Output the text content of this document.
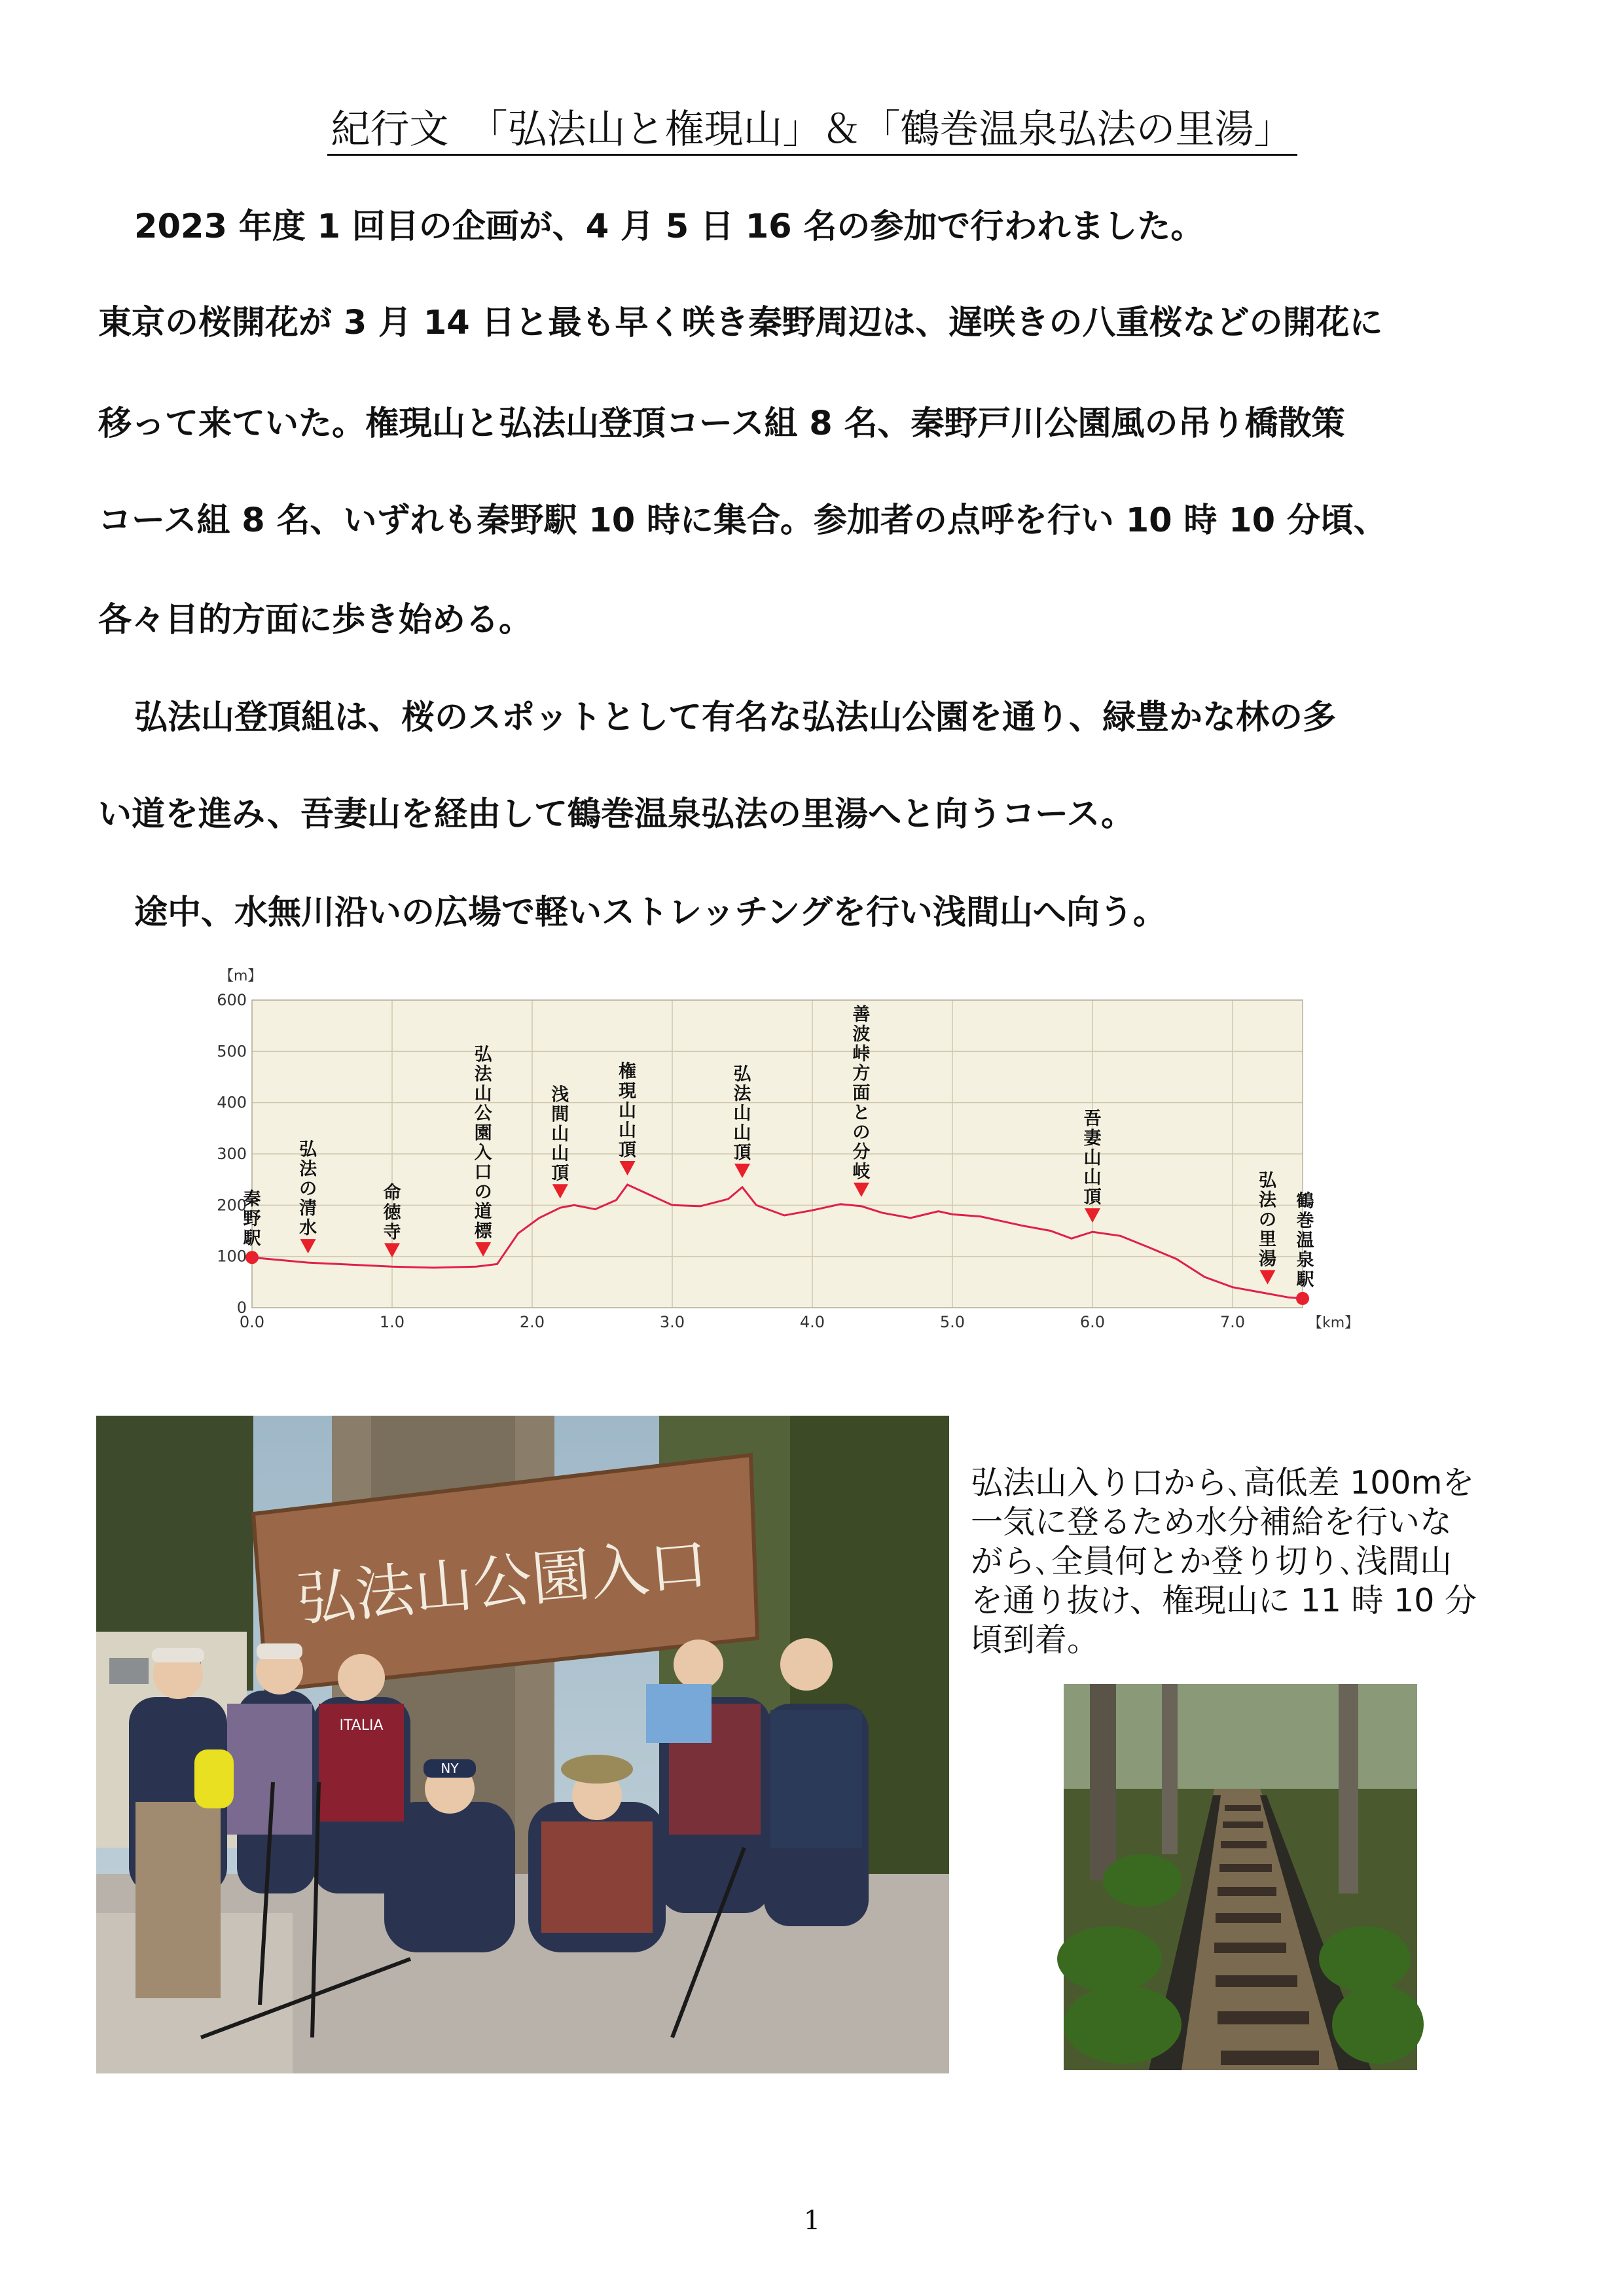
紀行文　「弘法山と権現山」＆「鶴巻温泉弘法の里湯」
2023 年度 1 回目の企画が、4 月 5 日 16 名の参加で行われました。
東京の桜開花が 3 月 14 日と最も早く咲き秦野周辺は、遅咲きの八重桜などの開花に
移って来ていた。権現山と弘法山登頂コース組 8 名、秦野戸川公園風の吊り橋散策
コース組 8 名、いずれも秦野駅 10 時に集合。参加者の点呼を行い 10 時 10 分頃、
各々目的方面に歩き始める。
弘法山登頂組は、桜のスポットとして有名な弘法山公園を通り、緑豊かな林の多
い道を進み、吾妻山を経由して鶴巻温泉弘法の里湯へと向うコース。
途中、水無川沿いの広場で軽いストレッチングを行い浅間山へ向う。
0
100
200
300
400
500
600
0.0	1.0	2.0	3.0	4.0	5.0	6.0	7.0
【m】
【km】
秦野駅
弘法の清水
命徳寺
弘法山公園入口の道標
浅間山山頂
権現山山頂
弘法山山頂
善波峠方面との分岐
吾妻山山頂
弘法の里湯
鶴巻温泉駅
弘法山公園入口
ITALIA
NY
弘法山入り口から､高低差 100mを
一気に登るため水分補給を行いな
がら､全員何とか登り切り､浅間山
を通り抜け、権現山に 11 時 10 分
頃到着。
1
